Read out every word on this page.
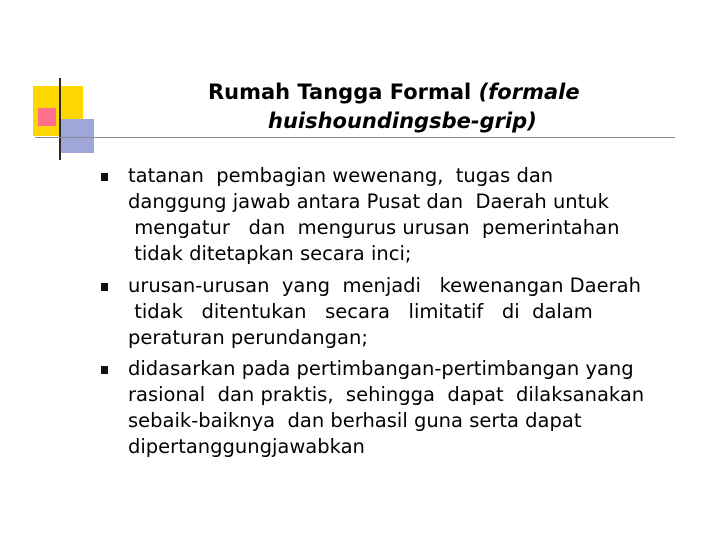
Rumah Tangga Formal (formale
huishoundingsbe-grip)
tatanan  pembagian wewenang,  tugas dan
danggung jawab antara Pusat dan  Daerah untuk
mengatur   dan  mengurus urusan  pemerintahan
tidak ditetapkan secara inci;
urusan-urusan  yang  menjadi   kewenangan Daerah
tidak   ditentukan   secara   limitatif   di  dalam
peraturan perundangan;
didasarkan pada pertimbangan-pertimbangan yang
rasional  dan praktis,  sehingga  dapat  dilaksanakan
sebaik-baiknya  dan berhasil guna serta dapat
dipertanggungjawabkan
